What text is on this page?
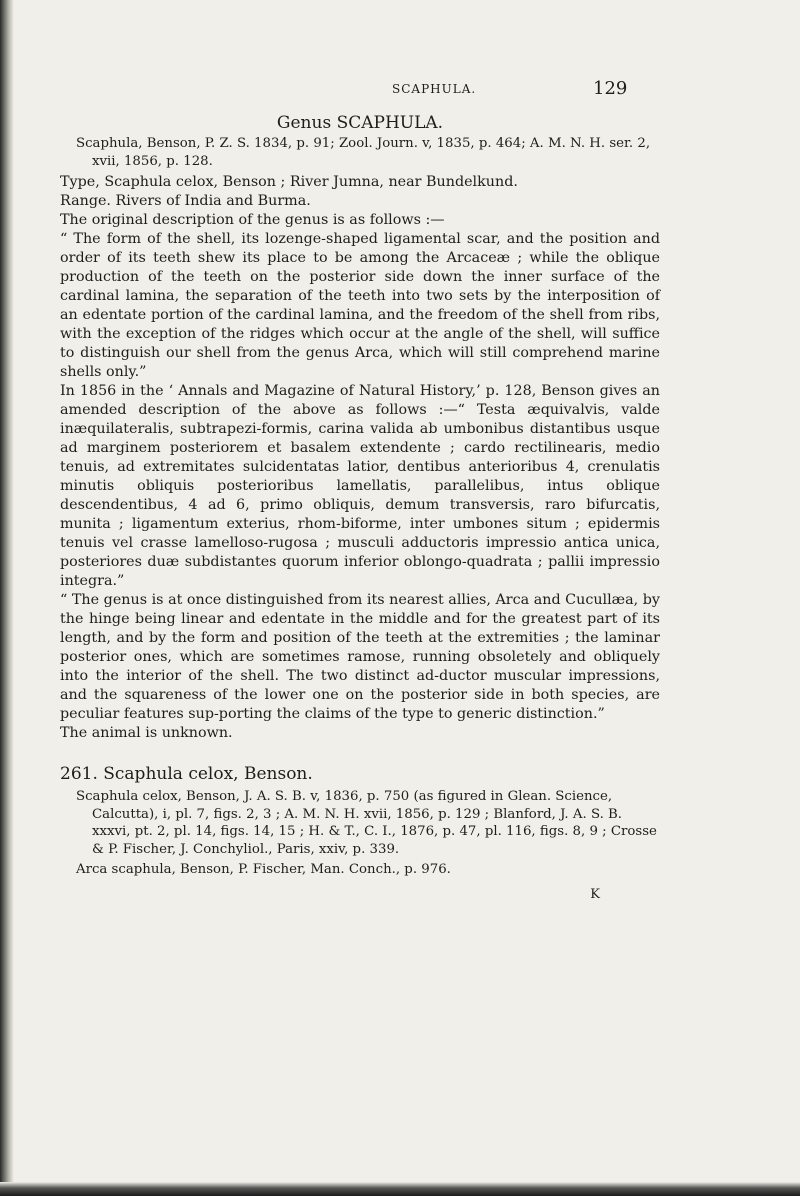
SCAPHULA.	129
Genus SCAPHULA.
Scaphula, Benson, P. Z. S. 1834, p. 91; Zool. Journ. v, 1835, p. 464; A. M. N. H. ser. 2, xvii, 1856, p. 128.

Type, Scaphula celox, Benson ; River Jumna, near Bundelkund.

Range. Rivers of India and Burma.

The original description of the genus is as follows :—

“ The form of the shell, its lozenge-shaped ligamental scar, and the position and order of its teeth shew its place to be among the Arcaceæ ; while the oblique production of the teeth on the posterior side down the inner surface of the cardinal lamina, the separation of the teeth into two sets by the interposition of an edentate portion of the cardinal lamina, and the freedom of the shell from ribs, with the exception of the ridges which occur at the angle of the shell, will suffice to distinguish our shell from the genus Arca, which will still comprehend marine shells only.”

In 1856 in the ‘ Annals and Magazine of Natural History,’ p. 128, Benson gives an amended description of the above as follows :—“ Testa æquivalvis, valde inæquilateralis, subtrapezi-formis, carina valida ab umbonibus distantibus usque ad marginem posteriorem et basalem extendente ; cardo rectilinearis, medio tenuis, ad extremitates sulcidentatas latior, dentibus anterioribus 4, crenulatis minutis obliquis posterioribus lamellatis, parallelibus, intus oblique descendentibus, 4 ad 6, primo obliquis, demum transversis, raro bifurcatis, munita ; ligamentum exterius, rhom-biforme, inter umbones situm ; epidermis tenuis vel crasse lamelloso-rugosa ; musculi adductoris impressio antica unica, posteriores duæ subdistantes quorum inferior oblongo-quadrata ; pallii impressio integra.”

“ The genus is at once distinguished from its nearest allies, Arca and Cucullæa, by the hinge being linear and edentate in the middle and for the greatest part of its length, and by the form and position of the teeth at the extremities ; the laminar posterior ones, which are sometimes ramose, running obsoletely and obliquely into the interior of the shell. The two distinct ad-ductor muscular impressions, and the squareness of the lower one on the posterior side in both species, are peculiar features sup-porting the claims of the type to generic distinction.”

The animal is unknown.

261. Scaphula celox, Benson.
Scaphula celox, Benson, J. A. S. B. v, 1836, p. 750 (as figured in Glean. Science, Calcutta), i, pl. 7, figs. 2, 3 ; A. M. N. H. xvii, 1856, p. 129 ; Blanford, J. A. S. B. xxxvi, pt. 2, pl. 14, figs. 14, 15 ; H. & T., C. I., 1876, p. 47, pl. 116, figs. 8, 9 ; Crosse & P. Fischer, J. Conchyliol., Paris, xxiv, p. 339.
Arca scaphula, Benson, P. Fischer, Man. Conch., p. 976.
K
